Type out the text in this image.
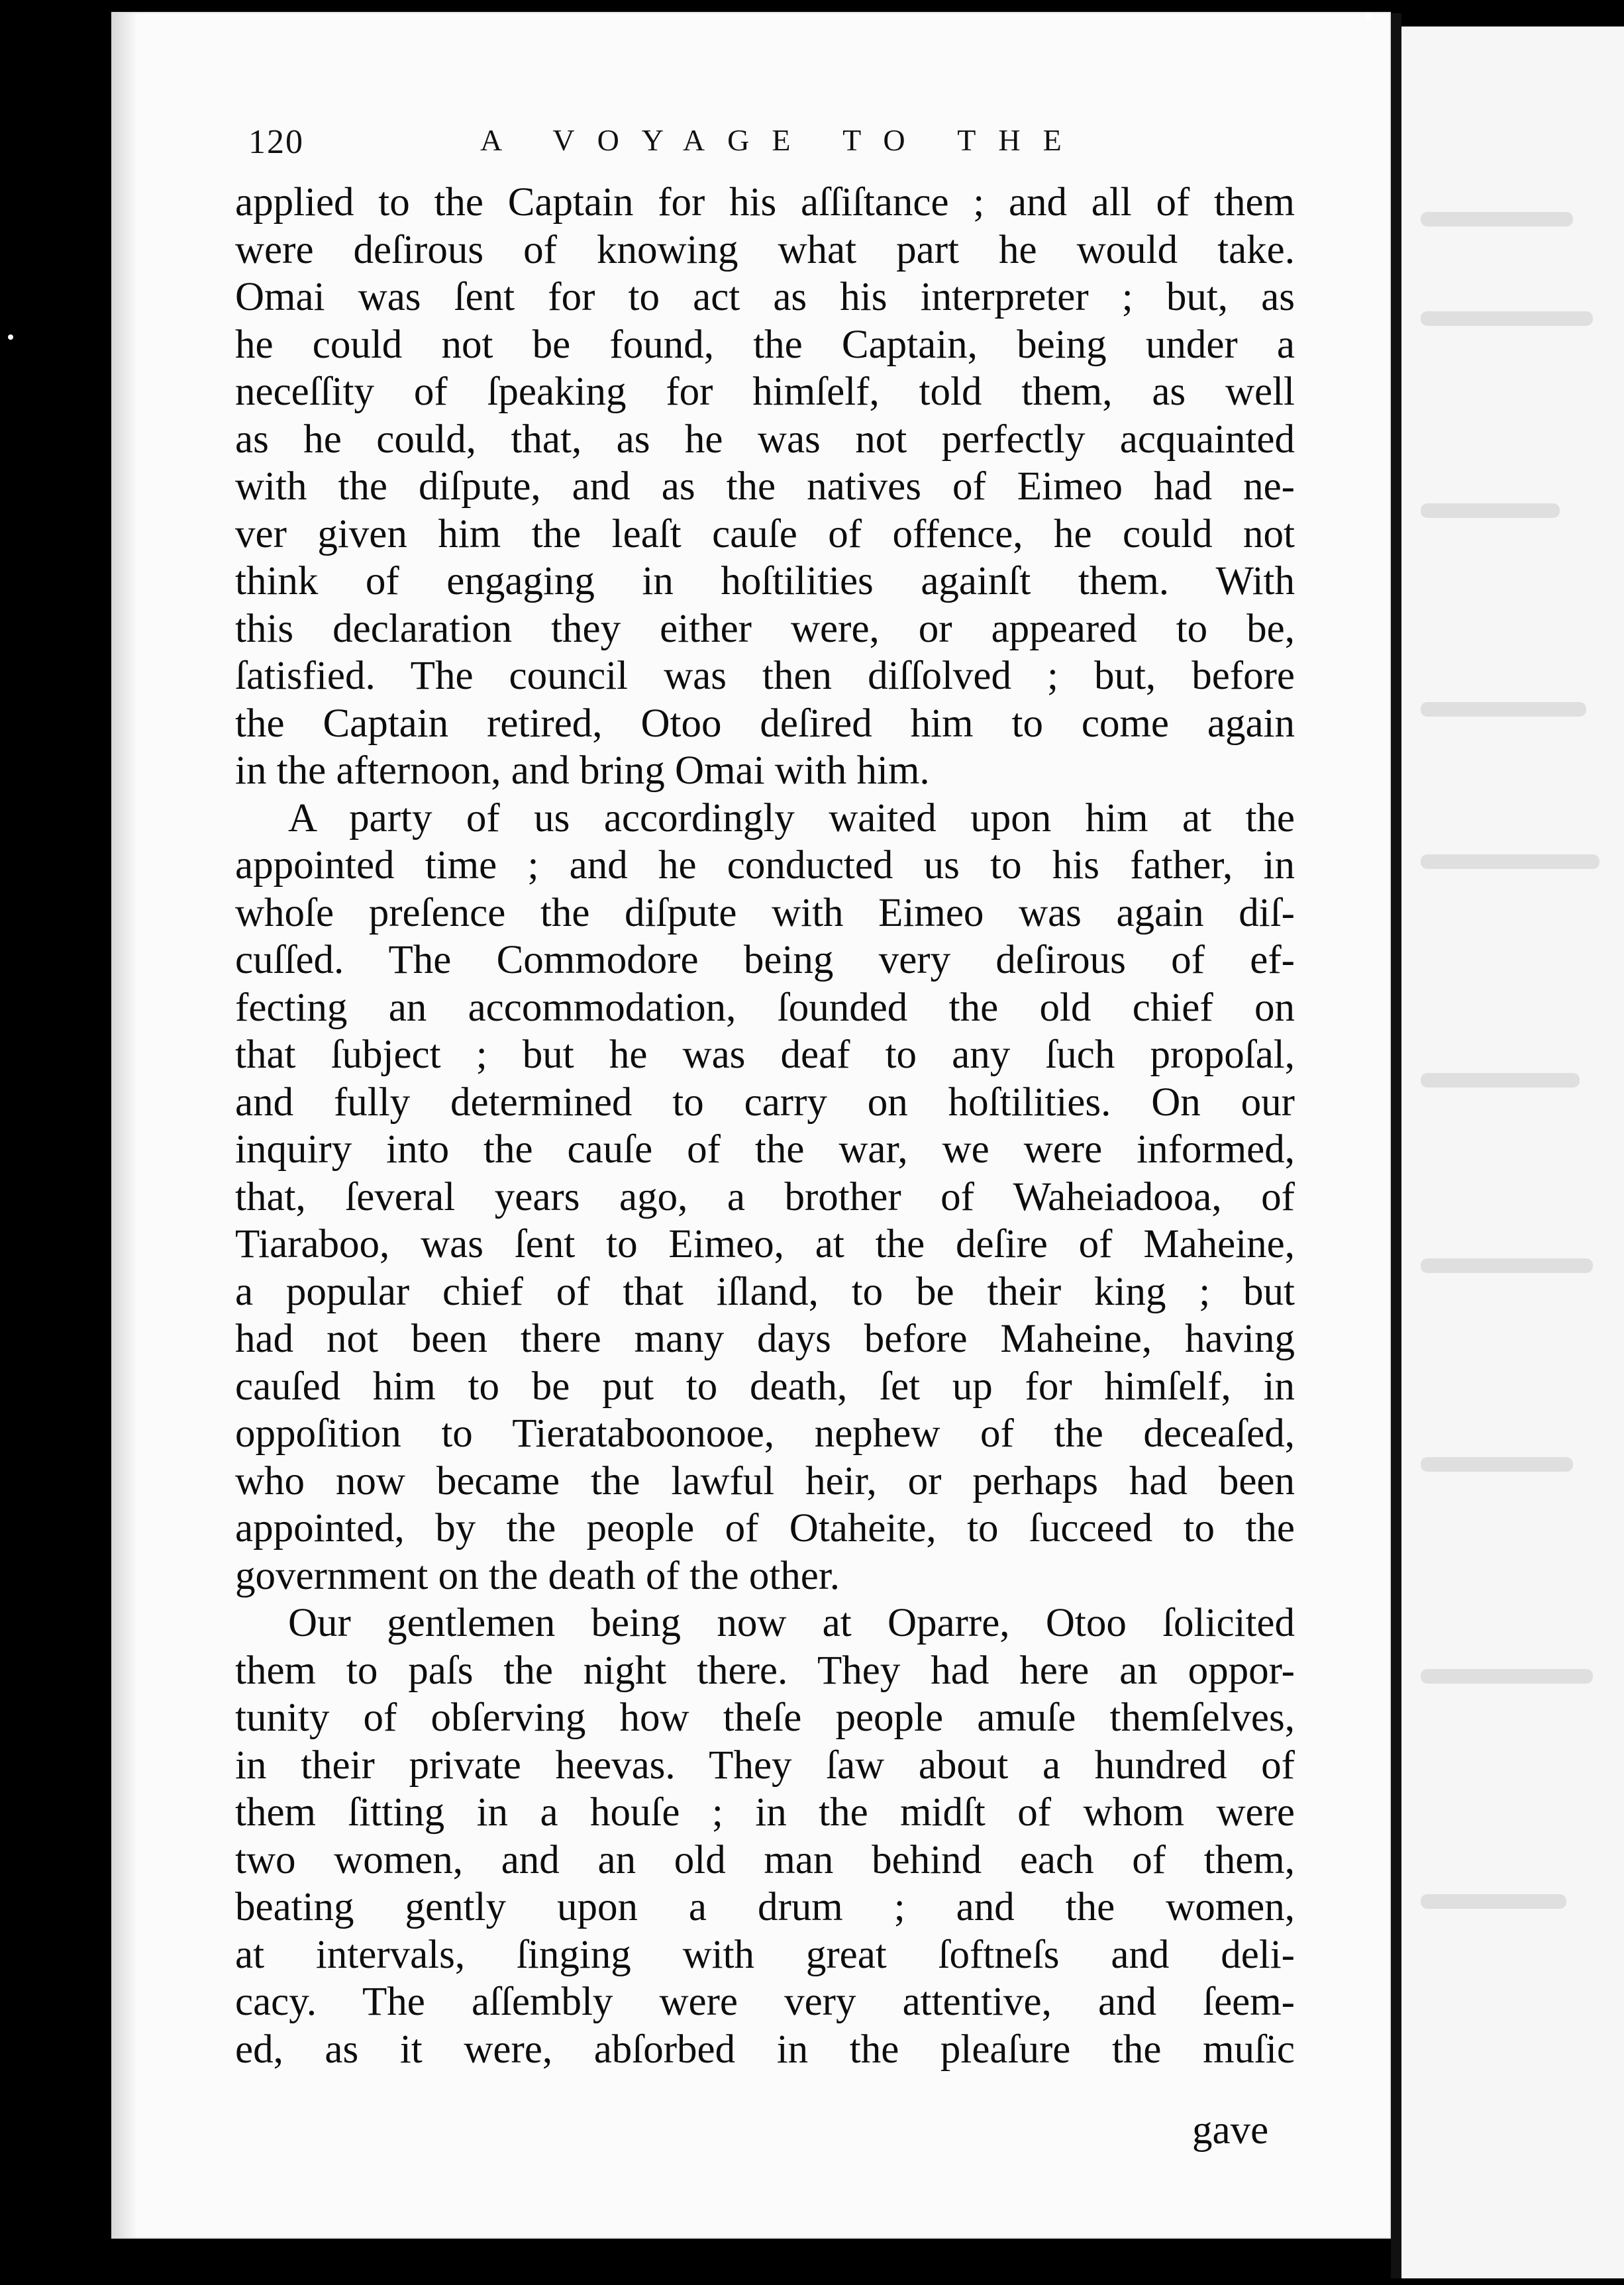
120	A VOYAGE TO THE
applied to the Captain for his aſſiſtance ; and all of them
were deſirous of knowing what part he would take.
Omai was ſent for to act as his interpreter ; but, as
he could not be found, the Captain, being under a
neceſſity of ſpeaking for himſelf, told them, as well
as he could, that, as he was not perfectly acquainted
with the diſpute, and as the natives of Eimeo had ne-
ver given him the leaſt cauſe of offence, he could not
think of engaging in hoſtilities againſt them. With
this declaration they either were, or appeared to be,
ſatisfied. The council was then diſſolved ; but, before
the Captain retired, Otoo deſired him to come again
in the afternoon, and bring Omai with him.
A party of us accordingly waited upon him at the
appointed time ; and he conducted us to his father, in
whoſe preſence the diſpute with Eimeo was again diſ-
cuſſed. The Commodore being very deſirous of ef-
fecting an accommodation, ſounded the old chief on
that ſubject ; but he was deaf to any ſuch propoſal,
and fully determined to carry on hoſtilities. On our
inquiry into the cauſe of the war, we were informed,
that, ſeveral years ago, a brother of Waheiadooa, of
Tiaraboo, was ſent to Eimeo, at the deſire of Maheine,
a popular chief of that iſland, to be their king ; but
had not been there many days before Maheine, having
cauſed him to be put to death, ſet up for himſelf, in
oppoſition to Tierataboonooe, nephew of the deceaſed,
who now became the lawful heir, or perhaps had been
appointed, by the people of Otaheite, to ſucceed to the
government on the death of the other.
Our gentlemen being now at Oparre, Otoo ſolicited
them to paſs the night there. They had here an oppor-
tunity of obſerving how theſe people amuſe themſelves,
in their private heevas. They ſaw about a hundred of
them ſitting in a houſe ; in the midſt of whom were
two women, and an old man behind each of them,
beating gently upon a drum ; and the women,
at intervals, ſinging with great ſoftneſs and deli-
cacy. The aſſembly were very attentive, and ſeem-
ed, as it were, abſorbed in the pleaſure the muſic
gave
